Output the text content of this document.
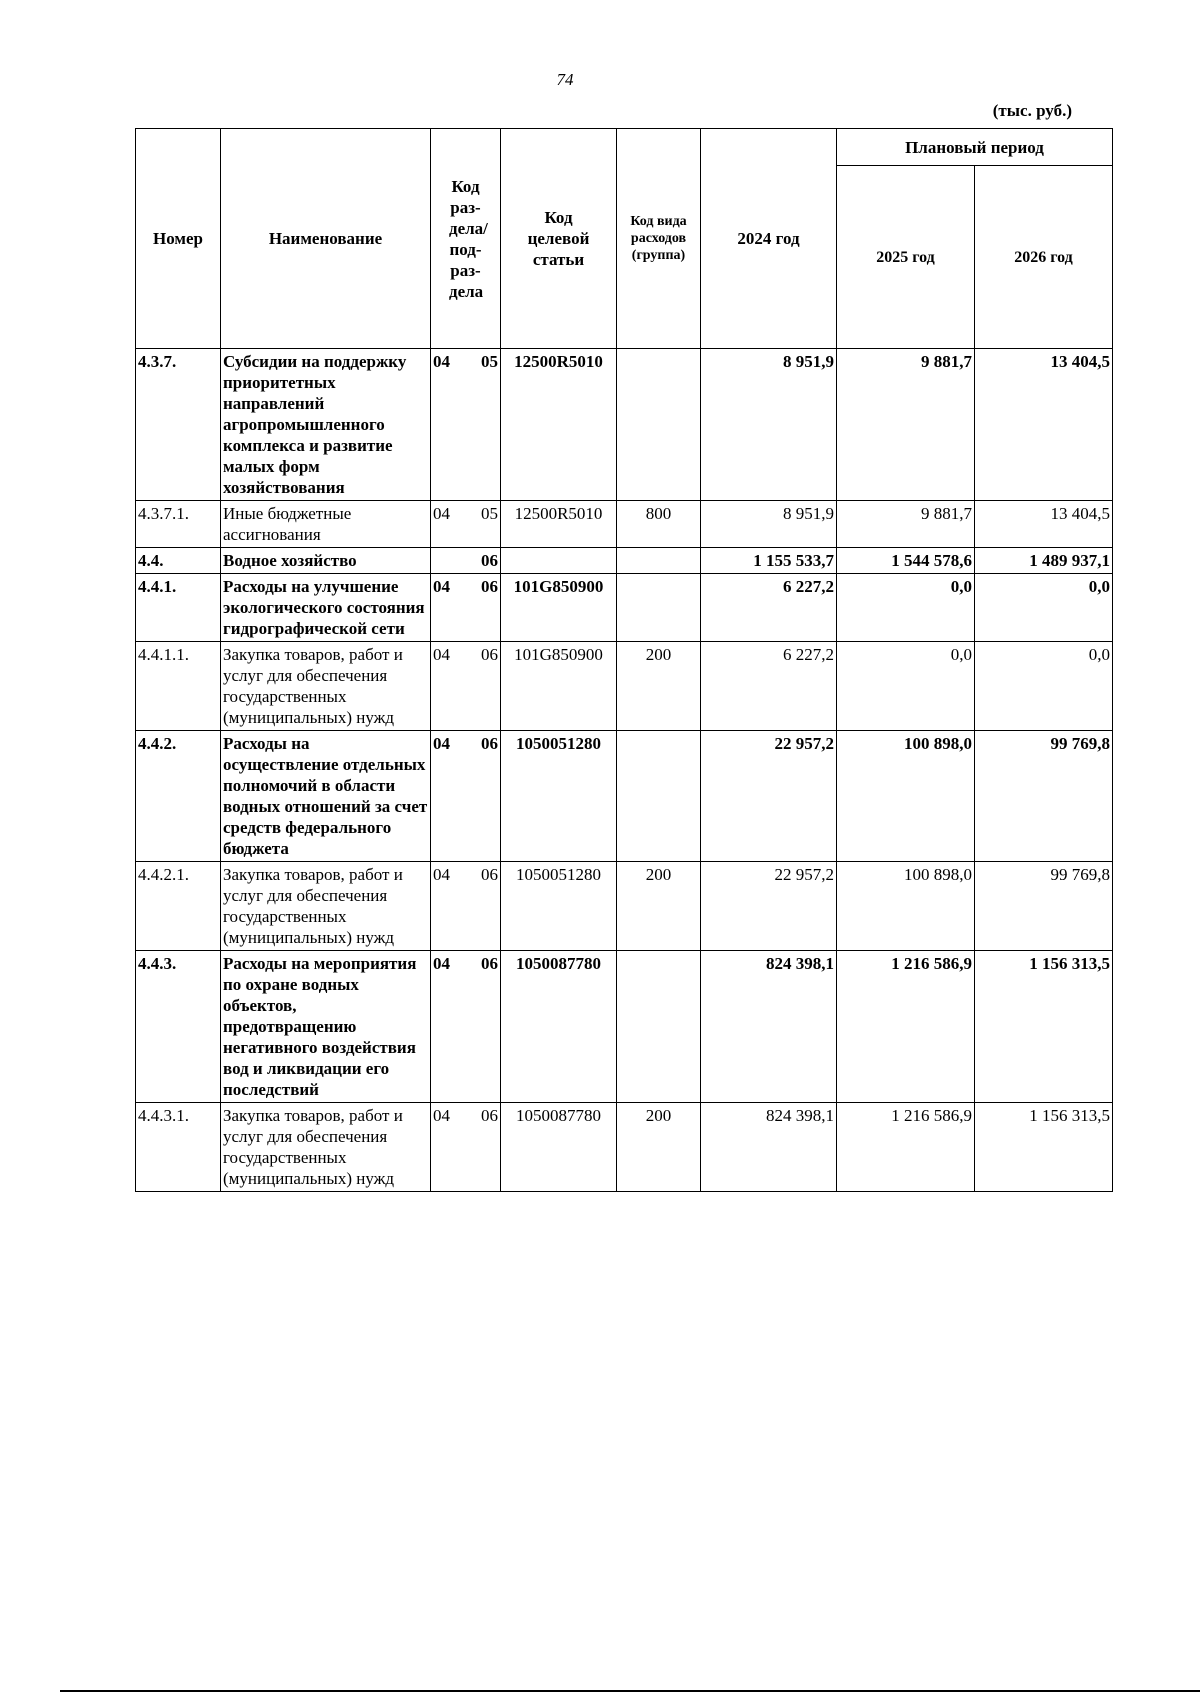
74
(тыс. руб.)
Номер	Наименование	Код раз-дела/ под-раз-дела	Код целевой статьи	Код вида расходов (группа)	2024 год	Плановый период	
						2025 год	2026 год
4.3.7.	Субсидии на поддержку приоритетных направлений агропромышленного комплекса и развитие малых форм хозяйствования	04 05	12500R5010		8 951,9	9 881,7	13 404,5
4.3.7.1.	Иные бюджетные ассигнования	04 05	12500R5010	800	8 951,9	9 881,7	13 404,5
4.4.	Водное хозяйство	06			1 155 533,7	1 544 578,6	1 489 937,1
4.4.1.	Расходы на улучшение экологического состояния гидрографической сети	04 06	101G850900		6 227,2	0,0	0,0
4.4.1.1.	Закупка товаров, работ и услуг для обеспечения государственных (муниципальных) нужд	04 06	101G850900	200	6 227,2	0,0	0,0
4.4.2.	Расходы на осуществление отдельных полномочий в области водных отношений за счет средств федерального бюджета	04 06	1050051280		22 957,2	100 898,0	99 769,8
4.4.2.1.	Закупка товаров, работ и услуг для обеспечения государственных (муниципальных) нужд	04 06	1050051280	200	22 957,2	100 898,0	99 769,8
4.4.3.	Расходы на мероприятия по охране водных объектов, предотвращению негативного воздействия вод и ликвидации его последствий	04 06	1050087780		824 398,1	1 216 586,9	1 156 313,5
4.4.3.1.	Закупка товаров, работ и услуг для обеспечения государственных (муниципальных) нужд	04 06	1050087780	200	824 398,1	1 216 586,9	1 156 313,5
